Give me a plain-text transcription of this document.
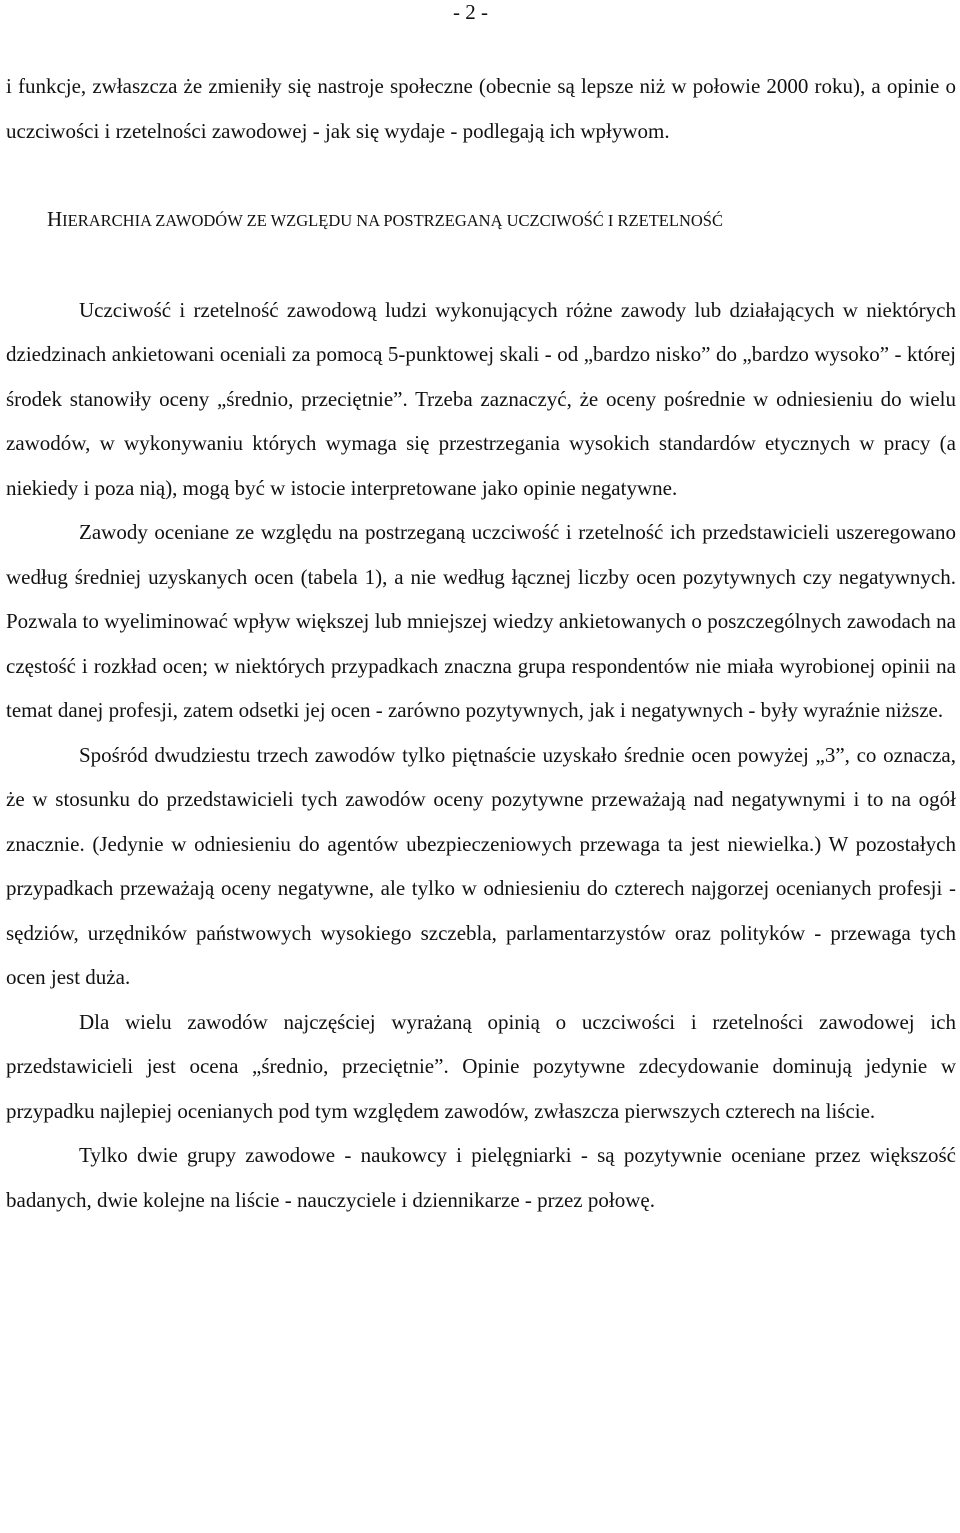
- 2 -

i funkcje, zwłaszcza że zmieniły się nastroje społeczne (obecnie są lepsze niż w połowie 2000 roku), a opinie o uczciwości i rzetelności zawodowej - jak się wydaje - podlegają ich wpływom.

HIERARCHIA ZAWODÓW ZE WZGLĘDU NA POSTRZEGANĄ UCZCIWOŚĆ I RZETELNOŚĆ

Uczciwość i rzetelność zawodową ludzi wykonujących różne zawody lub działających w niektórych dziedzinach ankietowani oceniali za pomocą 5-punktowej skali - od „bardzo nisko” do „bardzo wysoko” - której środek stanowiły oceny „średnio, przeciętnie”. Trzeba zaznaczyć, że oceny pośrednie w odniesieniu do wielu zawodów, w wykonywaniu których wymaga się przestrzegania wysokich standardów etycznych w pracy (a niekiedy i poza nią), mogą być w istocie interpretowane jako opinie negatywne.

Zawody oceniane ze względu na postrzeganą uczciwość i rzetelność ich przedstawicieli uszeregowano według średniej uzyskanych ocen (tabela 1), a nie według łącznej liczby ocen pozytywnych czy negatywnych. Pozwala to wyeliminować wpływ większej lub mniejszej wiedzy ankietowanych o poszczególnych zawodach na częstość i rozkład ocen; w niektórych przypadkach znaczna grupa respondentów nie miała wyrobionej opinii na temat danej profesji, zatem odsetki jej ocen - zarówno pozytywnych, jak i negatywnych - były wyraźnie niższe.

Spośród dwudziestu trzech zawodów tylko piętnaście uzyskało średnie ocen powyżej „3”, co oznacza, że w stosunku do przedstawicieli tych zawodów oceny pozytywne przeważają nad negatywnymi i to na ogół znacznie. (Jedynie w odniesieniu do agentów ubezpieczeniowych przewaga ta jest niewielka.) W pozostałych przypadkach przeważają oceny negatywne, ale tylko w odniesieniu do czterech najgorzej ocenianych profesji - sędziów, urzędników państwowych wysokiego szczebla, parlamentarzystów oraz polityków - przewaga tych ocen jest duża.

Dla wielu zawodów najczęściej wyrażaną opinią o uczciwości i rzetelności zawodowej ich przedstawicieli jest ocena „średnio, przeciętnie”. Opinie pozytywne zdecydowanie dominują jedynie w przypadku najlepiej ocenianych pod tym względem zawodów, zwłaszcza pierwszych czterech na liście.

Tylko dwie grupy zawodowe - naukowcy i pielęgniarki - są pozytywnie oceniane przez większość badanych, dwie kolejne na liście - nauczyciele i dziennikarze - przez połowę.
